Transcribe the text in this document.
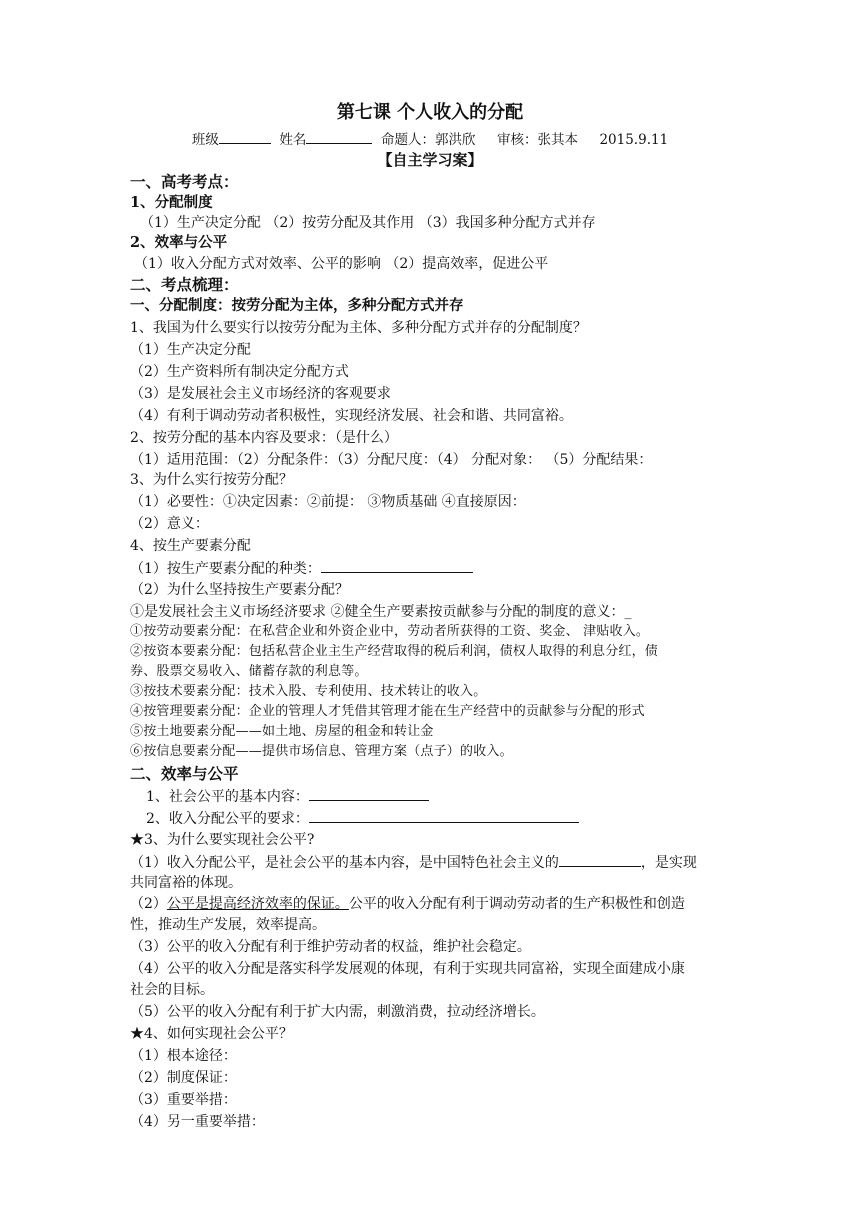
第七课 个人收入的分配
班级	姓名	命题人：郭洪欣 审核：张其本 2015.9.11
【自主学习案】
一、高考考点：
1、分配制度
（1）生产决定分配 （2）按劳分配及其作用 （3）我国多种分配方式并存
2、效率与公平
（1）收入分配方式对效率、公平的影响 （2）提高效率，促进公平
二、考点梳理：
一、分配制度：按劳分配为主体，多种分配方式并存
1、我国为什么要实行以按劳分配为主体、多种分配方式并存的分配制度？
（1）生产决定分配
（2）生产资料所有制决定分配方式
（3）是发展社会主义市场经济的客观要求
（4）有利于调动劳动者积极性，实现经济发展、社会和谐、共同富裕。
2、按劳分配的基本内容及要求：（是什么）
（1）适用范围：（2）分配条件：（3）分配尺度：（4） 分配对象： （5）分配结果：
3、为什么实行按劳分配？
（1）必要性：①决定因素：②前提： ③物质基础 ④直接原因：
（2）意义：
4、按生产要素分配
（1）按生产要素分配的种类：
（2）为什么坚持按生产要素分配？
①是发展社会主义市场经济要求 ②健全生产要素按贡献参与分配的制度的意义：_
①按劳动要素分配：在私营企业和外资企业中，劳动者所获得的工资、奖金、 津贴收入。
②按资本要素分配：包括私营企业主生产经营取得的税后利润，债权人取得的利息分红，债
券、股票交易收入、储蓄存款的利息等。
③按技术要素分配：技术入股、专利使用、技术转让的收入。
④按管理要素分配：企业的管理人才凭借其管理才能在生产经营中的贡献参与分配的形式
⑤按土地要素分配——如土地、房屋的租金和转让金
⑥按信息要素分配——提供市场信息、管理方案（点子）的收入。
二、效率与公平
1、社会公平的基本内容：
2、收入分配公平的要求：
★3、为什么要实现社会公平?
（1）收入分配公平，是社会公平的基本内容，是中国特色社会主义的	，是实现
共同富裕的体现。
（2）公平是提高经济效率的保证。公平的收入分配有利于调动劳动者的生产积极性和创造
性，推动生产发展，效率提高。
（3）公平的收入分配有利于维护劳动者的权益，维护社会稳定。
（4）公平的收入分配是落实科学发展观的体现，有利于实现共同富裕，实现全面建成小康
社会的目标。
（5）公平的收入分配有利于扩大内需，刺激消费，拉动经济增长。
★4、如何实现社会公平？
（1）根本途径：
（2）制度保证：
（3）重要举措：
（4）另一重要举措：
